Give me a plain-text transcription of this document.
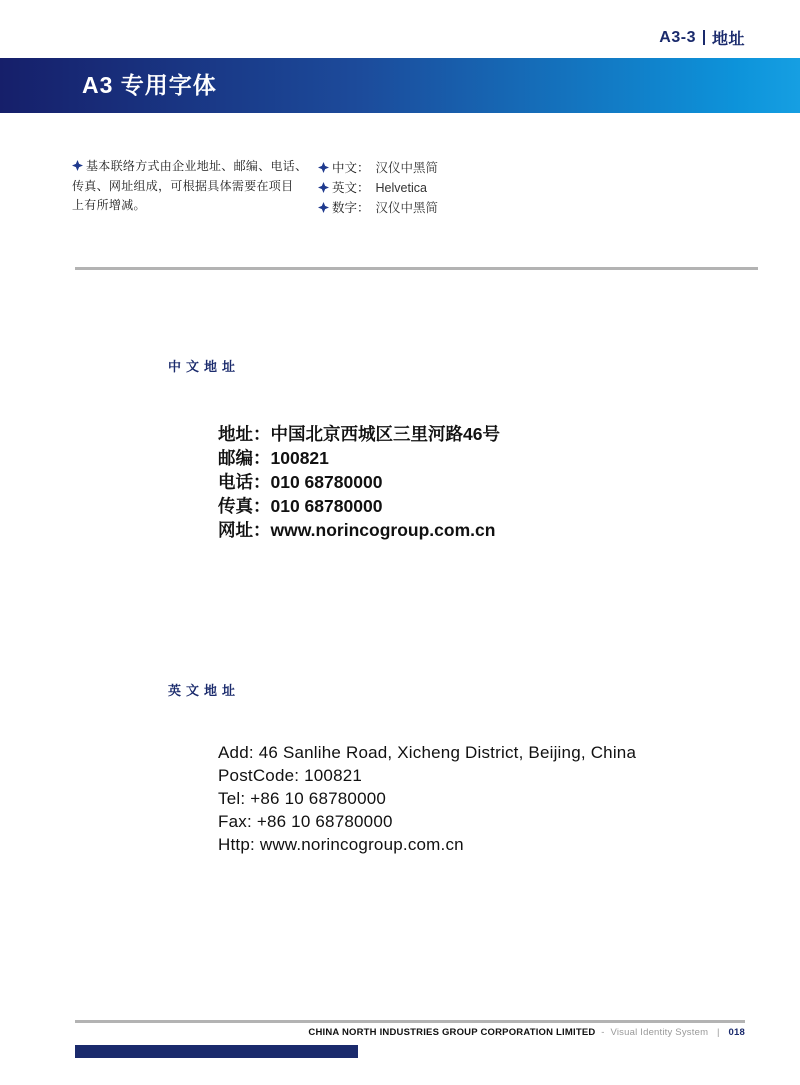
A3-3 地址
A3 专用字体
基本联络方式由企业地址、邮编、电话、
传真、网址组成，可根据具体需要在项目
上有所增减。
中文： 汉仪中黑简
英文： Helvetica
数字： 汉仪中黑简
中文地址
地址：中国北京西城区三里河路46号
邮编：100821
电话：010 68780000
传真：010 68780000
网址：www.norincogroup.com.cn
英文地址
Add: 46 Sanlihe Road, Xicheng District, Beijing, China
PostCode: 100821
Tel: +86 10 68780000
Fax: +86 10 68780000
Http: www.norincogroup.com.cn
CHINA NORTH INDUSTRIES GROUP CORPORATION LIMITED - Visual Identity System | 018
